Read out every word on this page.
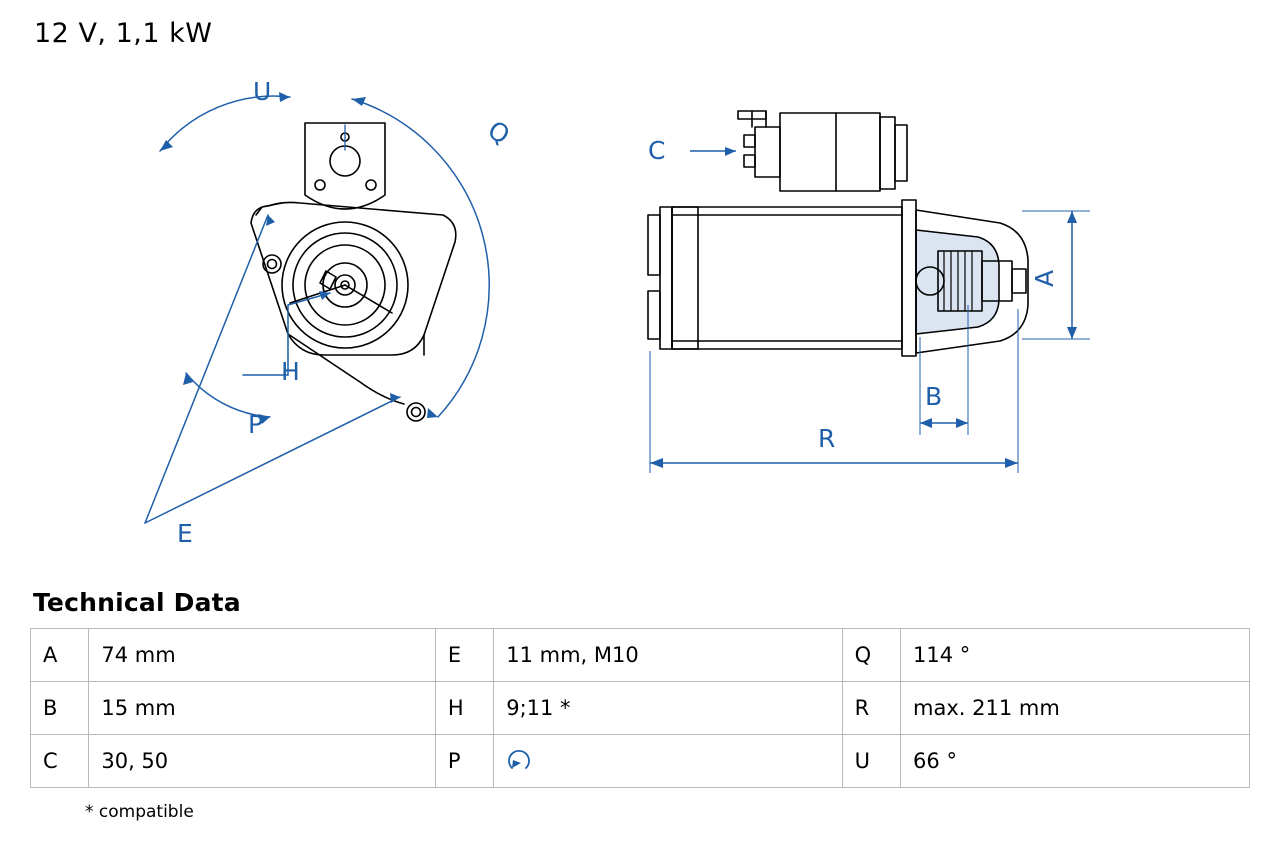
12 V, 1,1 kW
U
Q
H
P
E
C
A
B
R
Technical Data
A	74 mm	E	11 mm, M10	Q	114 °
B	15 mm	H	9;11 *	R	max. 211 mm
C	30, 50	P		U	66 °
* compatible
